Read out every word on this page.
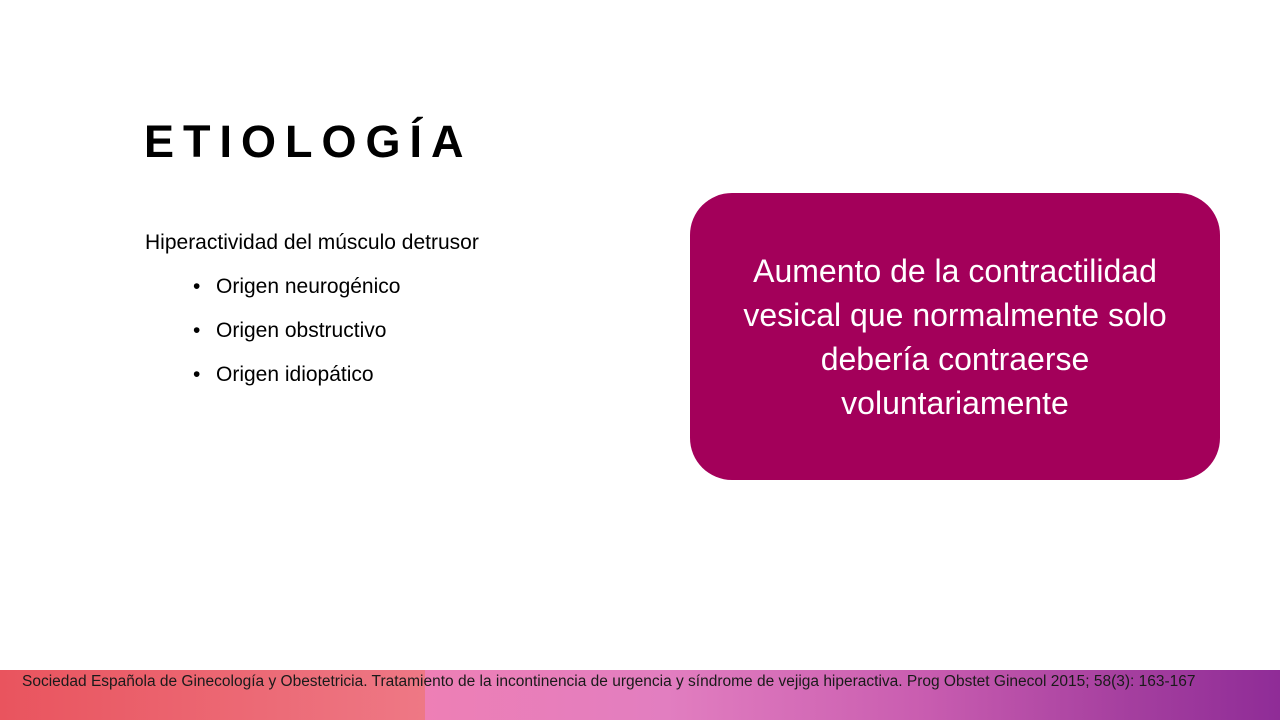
ETIOLOGÍA
Hiperactividad del músculo detrusor
• Origen neurogénico
• Origen obstructivo
• Origen idiopático
Aumento de la contractilidad vesical que normalmente solo debería contraerse voluntariamente
Sociedad Española de Ginecología y Obestetricia. Tratamiento de la incontinencia de urgencia y síndrome de vejiga hiperactiva. Prog Obstet Ginecol 2015; 58(3): 163-167
